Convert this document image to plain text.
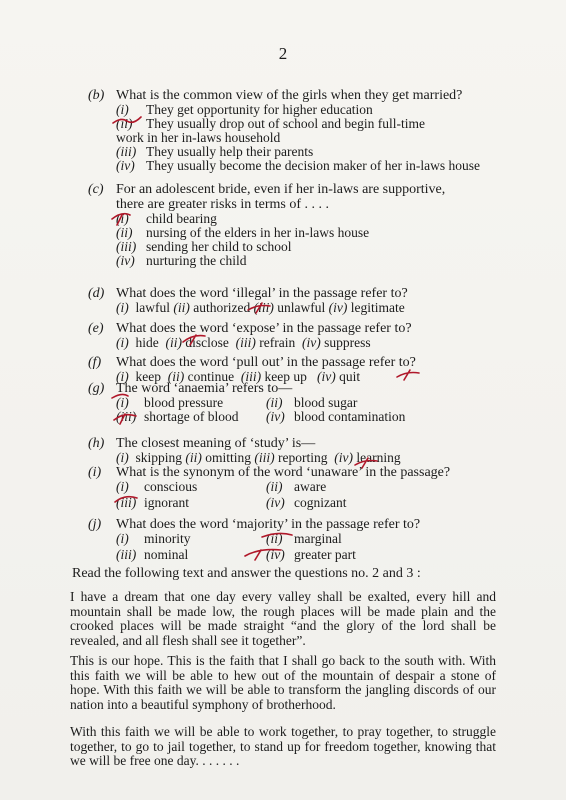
2
(b) What is the common view of the girls when they get married?
(i) They get opportunity for higher education
(ii) They usually drop out of school and begin full-time
work in her in-laws household
(iii) They usually help their parents
(iv) They usually become the decision maker of her in-laws house
(c) For an adolescent bride, even if her in-laws are supportive,
there are greater risks in terms of . . . .
(i) child bearing
(ii) nursing of the elders in her in-laws house
(iii) sending her child to school
(iv) nurturing the child
(d) What does the word ‘illegal’ in the passage refer to?
(i) lawful (ii) authorized (iii) unlawful (iv) legitimate
(e) What does the word ‘expose’ in the passage refer to?
(i) hide (ii) disclose (iii) refrain (iv) suppress
(f) What does the word ‘pull out’ in the passage refer to?
(i) keep (ii) continue (iii) keep up (iv) quit
(g) The word ‘anaemia’ refers to—
(i) blood pressure	(ii) blood sugar
(iii) shortage of blood (iv) blood contamination
(h) The closest meaning of ‘study’ is—
(i) skipping (ii) omitting (iii) reporting (iv) learning
(i) What is the synonym of the word ‘unaware’ in the passage?
(i) conscious	(ii) aware
(iii) ignorant	(iv) cognizant
(j) What does the word ‘majority’ in the passage refer to?
(i) minority	(ii) marginal
(iii) nominal	(iv) greater part
Read the following text and answer the questions no. 2 and 3 :
I have a dream that one day every valley shall be exalted, every hill and mountain shall be made low, the rough places will be made plain and the crooked places will be made straight “and the glory of the lord shall be revealed, and all flesh shall see it together”.
This is our hope. This is the faith that I shall go back to the south with. With this faith we will be able to hew out of the mountain of despair a stone of hope. With this faith we will be able to transform the jangling discords of our nation into a beautiful symphony of brotherhood.
With this faith we will be able to work together, to pray together, to struggle together, to go to jail together, to stand up for freedom together, knowing that we will be free one day. . . . . . .
